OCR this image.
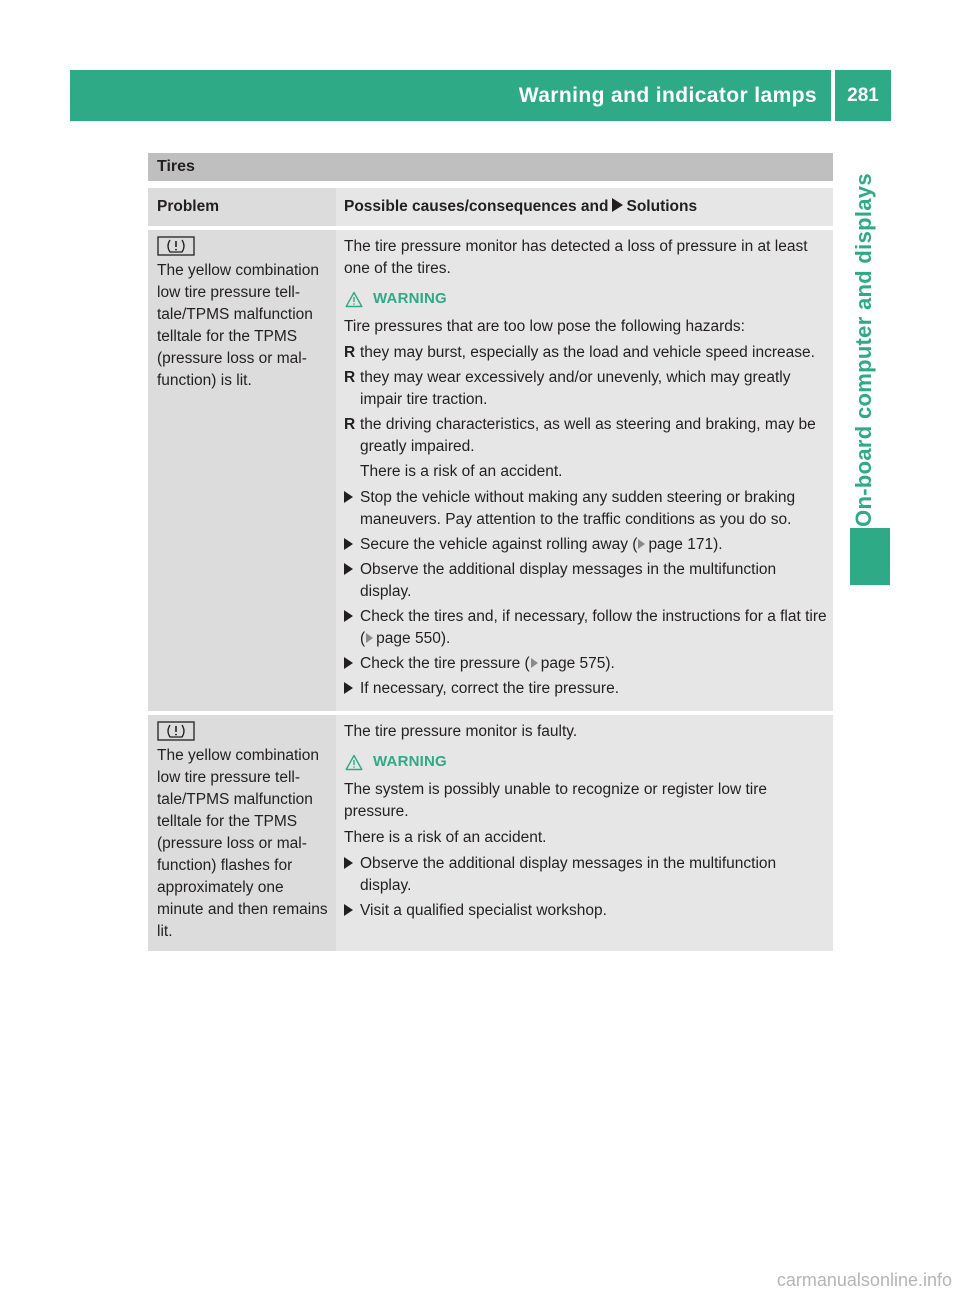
Warning and indicator lamps	281
On-board computer and displays
Tires
Problem	Possible causes/consequences and Solutions
The yellow combination low tire pressure tell-tale/TPMS malfunction telltale for the TPMS (pressure loss or mal-function) is lit.

The tire pressure monitor has detected a loss of pressure in at least one of the tires.

WARNING

Tire pressures that are too low pose the following hazards:

R they may burst, especially as the load and vehicle speed increase.
R they may wear excessively and/or unevenly, which may greatly impair tire traction.
R the driving characteristics, as well as steering and braking, may be greatly impaired.
There is a risk of an accident.
Stop the vehicle without making any sudden steering or braking maneuvers. Pay attention to the traffic conditions as you do so.
Secure the vehicle against rolling away ( page 171).
Observe the additional display messages in the multifunction display.
Check the tires and, if necessary, follow the instructions for a flat tire ( page 550).
Check the tire pressure ( page 575).
If necessary, correct the tire pressure.
The yellow combination low tire pressure tell-tale/TPMS malfunction telltale for the TPMS (pressure loss or mal-function) flashes for approximately one minute and then remains lit.

The tire pressure monitor is faulty.

WARNING

The system is possibly unable to recognize or register low tire pressure.

There is a risk of an accident.

Observe the additional display messages in the multifunction display.
Visit a qualified specialist workshop.
carmanualsonline.info
